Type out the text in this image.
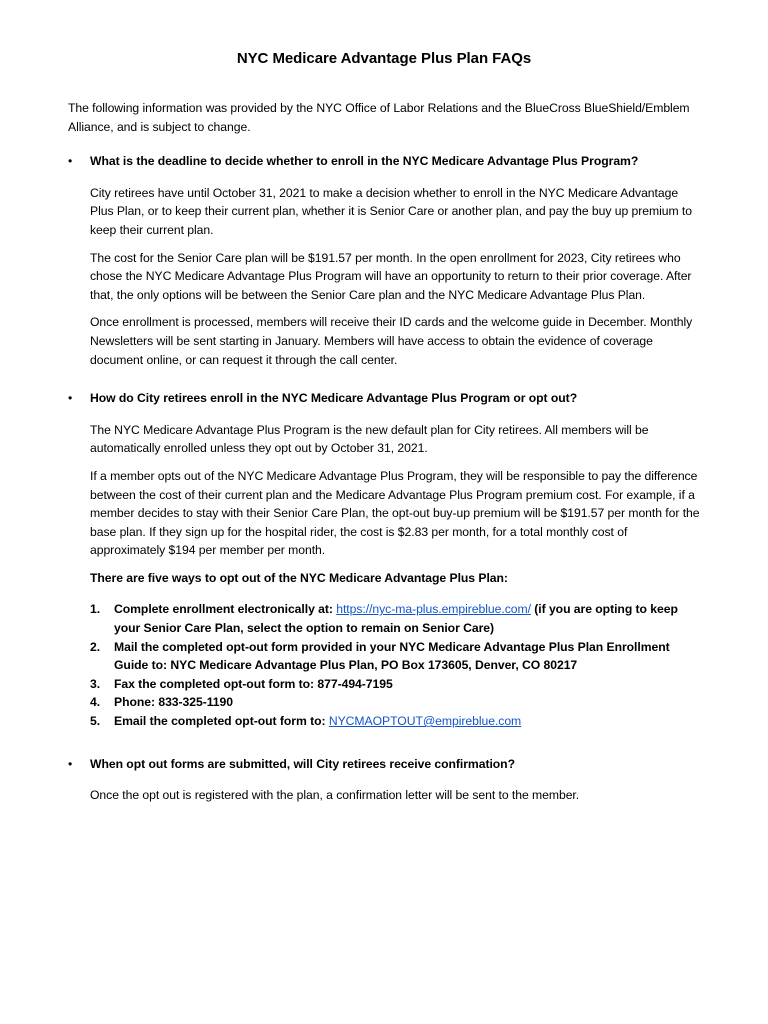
NYC Medicare Advantage Plus Plan FAQs

The following information was provided by the NYC Office of Labor Relations and the BlueCross BlueShield/Emblem Alliance, and is subject to change.

• What is the deadline to decide whether to enroll in the NYC Medicare Advantage Plus Program?

City retirees have until October 31, 2021 to make a decision whether to enroll in the NYC Medicare Advantage Plus Plan, or to keep their current plan, whether it is Senior Care or another plan, and pay the buy up premium to keep their current plan.

The cost for the Senior Care plan will be $191.57 per month. In the open enrollment for 2023, City retirees who chose the NYC Medicare Advantage Plus Program will have an opportunity to return to their prior coverage. After that, the only options will be between the Senior Care plan and the NYC Medicare Advantage Plus Plan.

Once enrollment is processed, members will receive their ID cards and the welcome guide in December. Monthly Newsletters will be sent starting in January. Members will have access to obtain the evidence of coverage document online, or can request it through the call center.

• How do City retirees enroll in the NYC Medicare Advantage Plus Program or opt out?

The NYC Medicare Advantage Plus Program is the new default plan for City retirees. All members will be automatically enrolled unless they opt out by October 31, 2021.

If a member opts out of the NYC Medicare Advantage Plus Program, they will be responsible to pay the difference between the cost of their current plan and the Medicare Advantage Plus Program premium cost. For example, if a member decides to stay with their Senior Care Plan, the opt-out buy-up premium will be $191.57 per month for the base plan. If they sign up for the hospital rider, the cost is $2.83 per month, for a total monthly cost of approximately $194 per member per month.

There are five ways to opt out of the NYC Medicare Advantage Plus Plan:

1. Complete enrollment electronically at: https://nyc-ma-plus.empireblue.com/ (if you are opting to keep your Senior Care Plan, select the option to remain on Senior Care)
2. Mail the completed opt-out form provided in your NYC Medicare Advantage Plus Plan Enrollment Guide to: NYC Medicare Advantage Plus Plan, PO Box 173605, Denver, CO 80217
3. Fax the completed opt-out form to: 877-494-7195
4. Phone: 833-325-1190
5. Email the completed opt-out form to: NYCMAOPTOUT@empireblue.com
• When opt out forms are submitted, will City retirees receive confirmation?

Once the opt out is registered with the plan, a confirmation letter will be sent to the member.
